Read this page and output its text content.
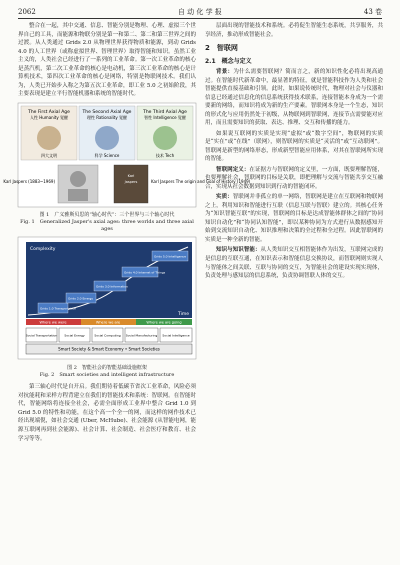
2062	自 动 化 学 报	43 卷

整合在一起，其中交通、信息、智能分别是物理、心理、虚拟三个世界自己的工具，而能源和物联分别是第一和第二、第二和第三世界之间的过渡。从人类通过 Grids 2.0 从物理世界获得物质和能源，到动 Grids 4.0 的人工世界（或称虚拟世界、智理世界）取得智能和知识。虽然工业主义的，人类社会已经进行了一系列的工业革命。第一次工业革命的核心是蒸汽机，第二次工业革命的核心是电动机，第三次工业革命的核心是计算机技术，第四次工业革命的核心是网络，特别是物联网技术。我们认为，人类已开始步入称之为第五次工业革命，即工业 5.0 之初始阶段，其主要表现是建立平行智能机器和系统的智能时代。

The First Axial Age
人性 Humanity 觉醒
四大文明
The Second Axial Age
理性 Rationality 觉醒
科学 Science
The Third Axial Age
智性 Intelligence 觉醒
技术 Tech
Karl Jaspers (1883~1969)
Karl
Jaspers	Karl Jaspers The origin and Goal of History (1949)
图 1　广义雅斯贝思的“轴心时代”：三个世界与三个轴心时代
Fig. 1　Generalized Jasper's axial ages: three worlds and three axial ages
Complexity
Time
Grids 1.0 Transportation
Grids 2.0 Energy
Grids 3.0 Information
Grids 4.0 Internet of Things
Grids 5.0 Intelligence
Where we were	Where we are	Where we are going
Social Transportation Social Energy	Social Computing Social Manufacturing Social Intelligence
Smart Society & Smart Economy • Smart Societies
图 2　智能社会的智能基础设施框架
Fig. 2　Smart societies and intelligent infrastructure

第三轴心时代是自开启。我们期待着低碳节省次工业革命，风险必须对抗能耗和采样方程背建立在我们的智能技术和系统：智联网。在智能时代，智能网络将连接全社会，必需全面形成工业界中整合 Grid 1.0 到 Grid 5.0 的特性和功能，在这个高一个全一的网，而这样的网作技术已经出现端倪，如社会交通 (Uber, McHube)、社会能源 (从智能电网，能源互联网再到社会能源)、社会计算、社会制造、社会医疗和教育、社会学习等等。

层面出现的智能技术和系统。必将促生智能生态系统，共享服务，共享经济，推动形成智能社会。

2　智联网
2.1　概念与定义

背景：为什么需要智联网？简而言之，新的知识性化必将出现高通过。在智能时代新革命中，最显著的特征，就是智能科技作为人类和社会智能提供直接基础和引领。此时，如果说传统时代，物理对社会与仪器和信息已经通过信息化的信息系统获得技术联系，连接智能本身成为一个需要新的网络，而知识将成为新的生产要素。智联网本身是一个生态，知识的形式化与应用仍然处于初级，从物联网到智联网，连接节点需要能对应用，而且需要知识的获取、表达、推理、交互和传播的能力。

如果说互联网的实质是实现“虚拟”或“数字空间”，物联网的实质是“实在”或“在线”（联网），则智联网的实质是“灵活的”或“互动联网”。智联网是新型的网络形态，形成新型智能应用体系，对其在智联网所实现的智能。

智联网定义：在证据方与智联网的定义里，一方面，既要理解智能，也要理解社会，智联网的目标是关联，即把理解与交流与智能共享交互融合，实现从社会数据到知识到行动的智能闭环。

实质：智联网并非孤立的单一网络，智联网是建立在互联网和物联网之上，利用知识和智能进行互联（信息互联与智联）建立的。其核心任务为“知识智能互联”的实现，智联网的目标是达成智能体群体之间的“协同知识自动化”和“协同认知智能”，即以某种协同为方式进行从数据感知开始到交流知识自动化、知识推理和决策的全过程和全过程。因此智联网的实质是一种全新的智能。

知识与知识智能：从人类知识交互相智能体作为出发，互联网完成的是信息的互联互通，在知识表示和智能信息交换协议，而智联网则实现人与智能体之间关联、互联与协同的交互，为智能社会的建设实现实现体，负责处理与感知层的信息系统，负责协调智联人体的交互。
